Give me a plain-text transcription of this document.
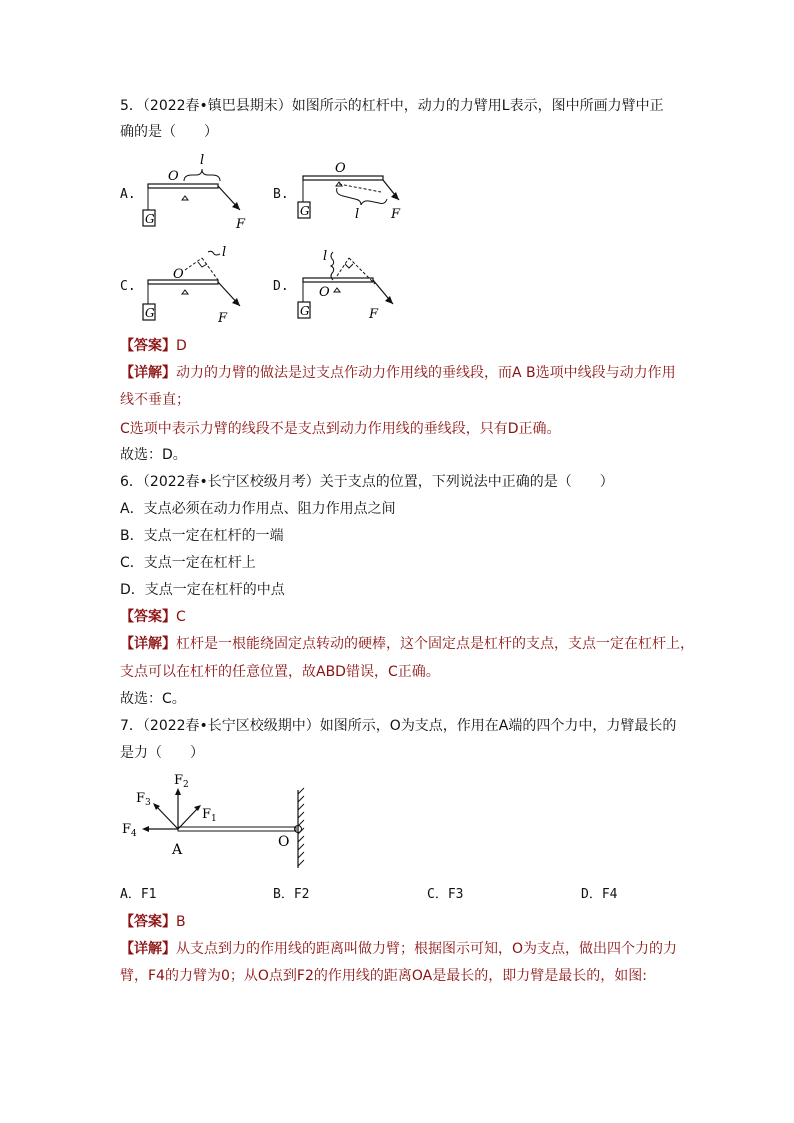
5．（2022春•镇巴县期末）如图所示的杠杆中，动力的力臂用L表示，图中所画力臂中正
确的是（　　）
A.	B.
C.	D.
G
O
l
F
G
O
l F
G
O
l
F	G
O
l
F
【答案】D
【详解】动力的力臂的做法是过支点作动力作用线的垂线段，而A B选项中线段与动力作用
线不垂直；
C选项中表示力臂的线段不是支点到动力作用线的垂线段，只有D正确。
故选：D。
6．（2022春•长宁区校级月考）关于支点的位置，下列说法中正确的是（　　）
A．支点必须在动力作用点、阻力作用点之间
B．支点一定在杠杆的一端
C．支点一定在杠杆上
D．支点一定在杠杆的中点
【答案】C
【详解】杠杆是一根能绕固定点转动的硬棒，这个固定点是杠杆的支点，支点一定在杠杆上，
支点可以在杠杆的任意位置，故ABD错误，C正确。
故选：C。
7．（2022春•长宁区校级期中）如图所示，O为支点，作用在A端的四个力中，力臂最长的
是力（　　）
$F_2$
$F_1$
$F_3$
$F_4$
A	O
A．F1	B．F2	C．F3	D．F4
【答案】B
【详解】从支点到力的作用线的距离叫做力臂；根据图示可知，O为支点，做出四个力的力
臂，F4的力臂为0；从O点到F2的作用线的距离OA是最长的，即力臂是最长的，如图:
